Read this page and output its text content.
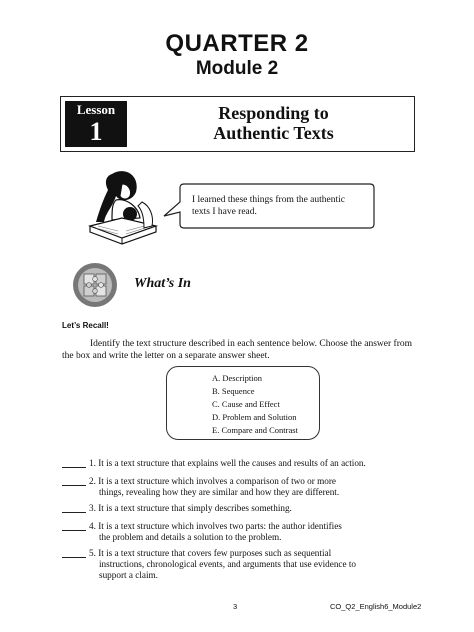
QUARTER 2
Module 2
Lesson
1
Responding to
Authentic Texts
I learned these things from the authentic
texts I have read.
What’s In
Let’s Recall!
Identify the text structure described in each sentence below. Choose the answer from the box and write the letter on a separate answer sheet.
A. Description
B. Sequence
C. Cause and Effect
D. Problem and Solution
E. Compare and Contrast
1. It is a text structure that explains well the causes and results of an action.
2. It is a text structure which involves a comparison of two or more
things, revealing how they are similar and how they are different.
3. It is a text structure that simply describes something.
4. It is a text structure which involves two parts: the author identifies
the problem and details a solution to the problem.
5. It is a text structure that covers few purposes such as sequential
instructions, chronological events, and arguments that use evidence to
support a claim.
3	CO_Q2_English6_Module2
